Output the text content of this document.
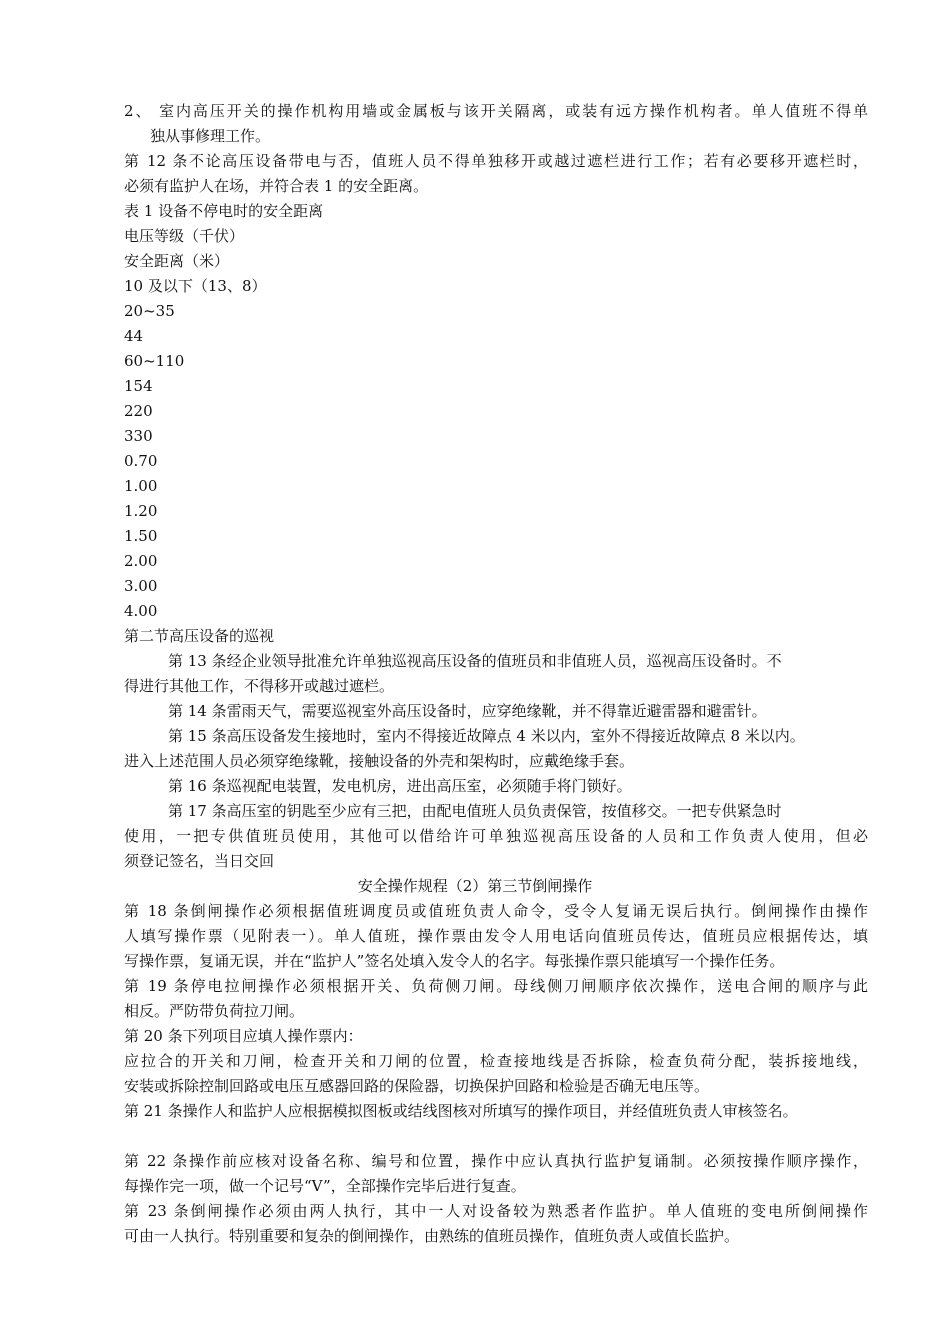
2、 室内高压开关的操作机构用墙或金属板与该开关隔离，或装有远方操作机构者。单人值班不得单
独从事修理工作。
第 12 条不论高压设备带电与否，值班人员不得单独移开或越过遮栏进行工作；若有必要移开遮栏时，
必须有监护人在场，并符合表 1 的安全距离。
表 1 设备不停电时的安全距离
电压等级（千伏）
安全距离（米）
10 及以下（13、8）
20~35
44
60~110
154
220
330
0.70
1.00
1.20
1.50
2.00
3.00
4.00
第二节高压设备的巡视
第 13 条经企业领导批准允许单独巡视高压设备的值班员和非值班人员，巡视高压设备时。不
得进行其他工作，不得移开或越过遮栏。
第 14 条雷雨天气，需要巡视室外高压设备时，应穿绝缘靴，并不得靠近避雷器和避雷针。
第 15 条高压设备发生接地时，室内不得接近故障点 4 米以内，室外不得接近故障点 8 米以内。
进入上述范围人员必须穿绝缘靴，接触设备的外壳和架构时，应戴绝缘手套。
第 16 条巡视配电装置，发电机房，进出高压室，必须随手将门锁好。
第 17 条高压室的钥匙至少应有三把，由配电值班人员负责保管，按值移交。一把专供紧急时
使用，一把专供值班员使用，其他可以借给许可单独巡视高压设备的人员和工作负责人使用，但必
须登记签名，当日交回
安全操作规程（2）第三节倒闸操作
第 18 条倒闸操作必须根据值班调度员或值班负责人命令，受令人复诵无误后执行。倒闸操作由操作
人填写操作票（见附表一）。单人值班，操作票由发令人用电话向值班员传达，值班员应根据传达，填
写操作票，复诵无误，并在“监护人”签名处填入发令人的名字。每张操作票只能填写一个操作任务。
第 19 条停电拉闸操作必须根据开关、负荷侧刀闸。母线侧刀闸顺序依次操作，送电合闸的顺序与此
相反。严防带负荷拉刀闸。
第 20 条下列项目应填人操作票内：
应拉合的开关和刀闸，检查开关和刀闸的位置，检查接地线是否拆除，检查负荷分配，装拆接地线，
安装或拆除控制回路或电压互感器回路的保险器，切换保护回路和检验是否确无电压等。
第 21 条操作人和监护人应根据模拟图板或结线图核对所填写的操作项目，并经值班负责人审核签名。
第 22 条操作前应核对设备名称、编号和位置，操作中应认真执行监护复诵制。必须按操作顺序操作，
每操作完一项，做一个记号“V”，全部操作完毕后进行复查。
第 23 条倒闸操作必须由两人执行，其中一人对设备较为熟悉者作监护。单人值班的变电所倒闸操作
可由一人执行。特别重要和复杂的倒闸操作，由熟练的值班员操作，值班负责人或值长监护。
